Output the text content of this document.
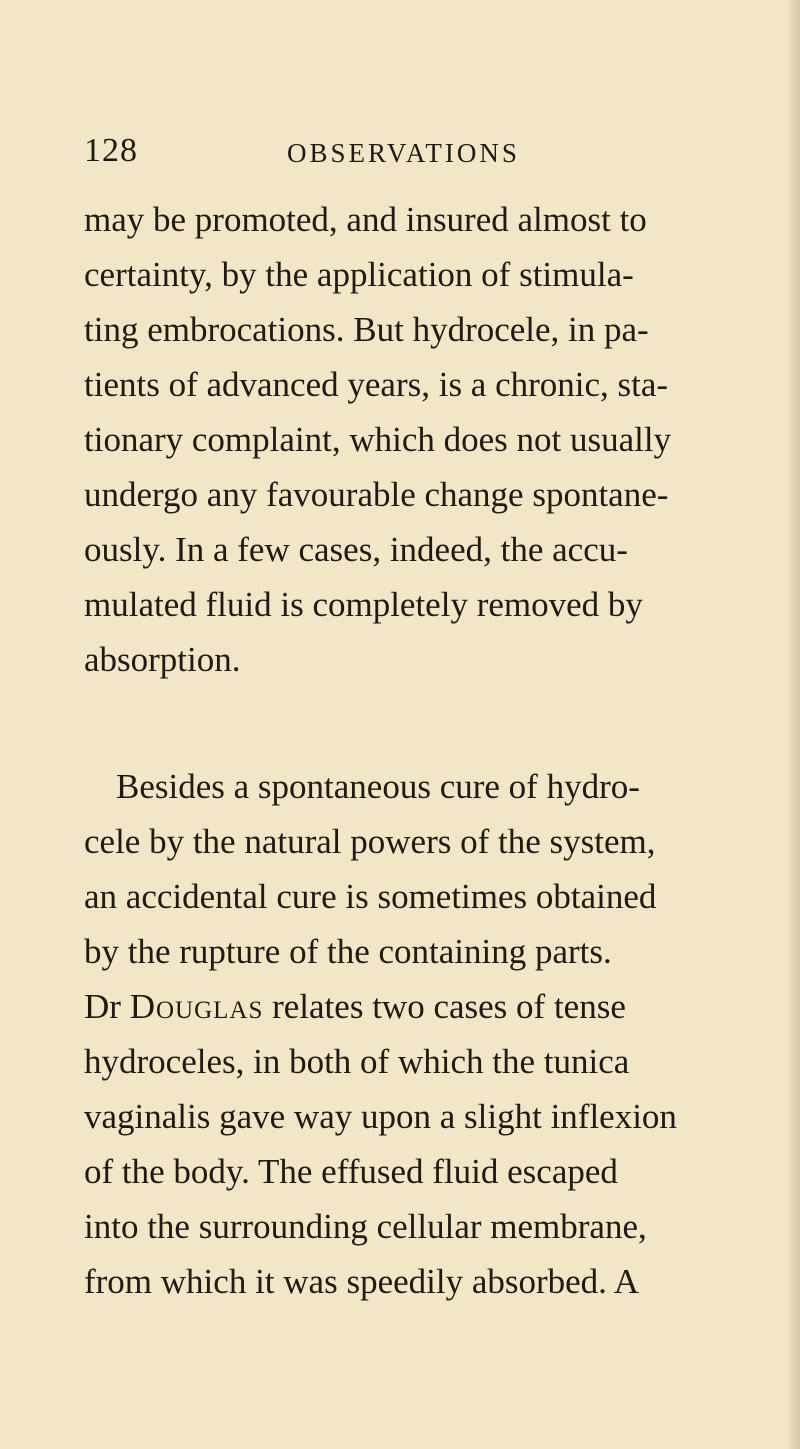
128	OBSERVATIONS
may be promoted, and insured almost to
certainty, by the application of stimula-
ting embrocations. But hydrocele, in pa-
tients of advanced years, is a chronic, sta-
tionary complaint, which does not usually
undergo any favourable change spontane-
ously. In a few cases, indeed, the accu-
mulated fluid is completely removed by
absorption.
Besides a spontaneous cure of hydro-
cele by the natural powers of the system,
an accidental cure is sometimes obtained
by the rupture of the containing parts.
Dr Douglas relates two cases of tense
hydroceles, in both of which the tunica
vaginalis gave way upon a slight inflexion
of the body. The effused fluid escaped
into the surrounding cellular membrane,
from which it was speedily absorbed. A
